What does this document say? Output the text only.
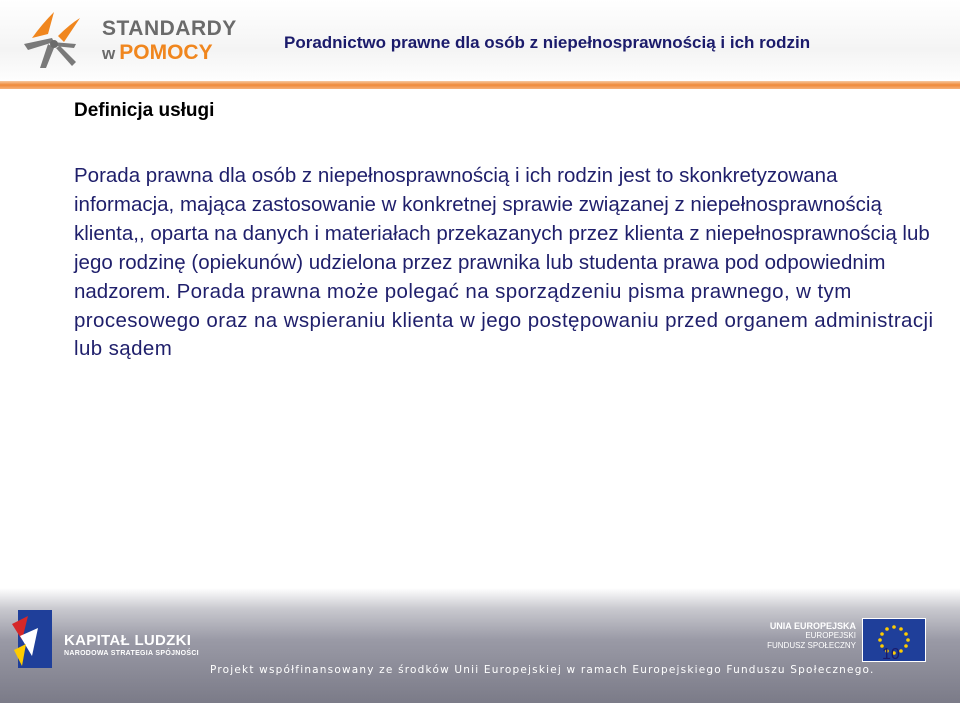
STANDARDY
w POMOCY	Poradnictwo prawne dla osób z niepełnosprawnością i ich rodzin
Definicja usługi

Porada prawna dla osób z niepełnosprawnością i ich rodzin jest to skonkretyzowana informacja, mająca zastosowanie w konkretnej sprawie związanej z niepełnosprawnością klienta,, oparta na danych i materiałach przekazanych przez klienta z niepełnosprawnością lub jego rodzinę (opiekunów) udzielona przez prawnika lub studenta prawa pod odpowiednim nadzorem. Porada prawna może polegać na sporządzeniu pisma prawnego, w tym procesowego oraz na wspieraniu klienta w jego postępowaniu przed organem administracji lub sądem

KAPITAŁ LUDZKI
NARODOWA STRATEGIA SPÓJNOŚCI
UNIA EUROPEJSKA
EUROPEJSKI
FUNDUSZ SPOŁECZNY
Projekt współfinansowany ze środków Unii Europejskiej w ramach Europejskiego Funduszu Społecznego.
10
